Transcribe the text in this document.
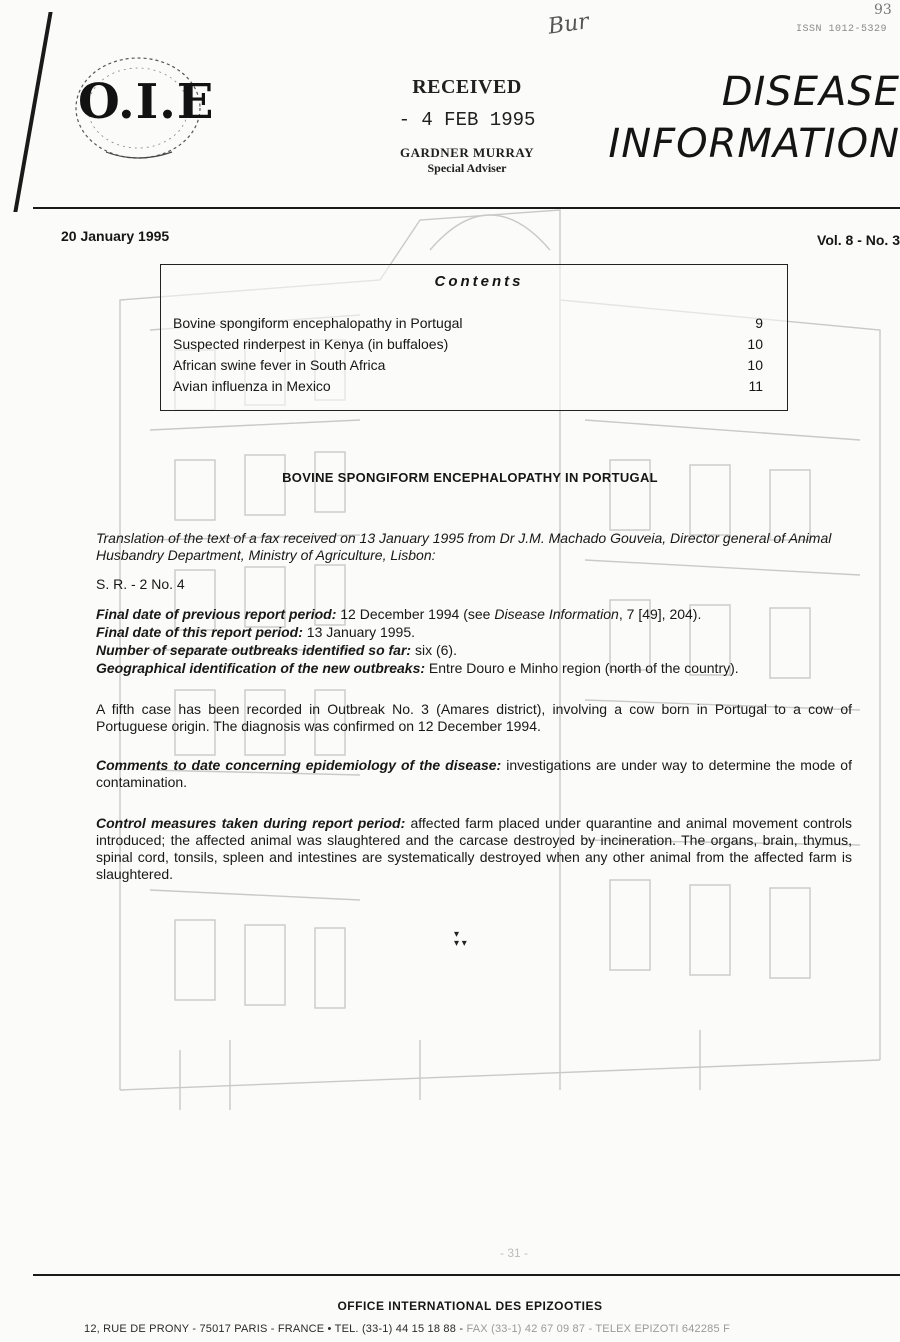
O.I.E	RECEIVED
- 4 FEB 1995
GARDNER MURRAY
Special Adviser
Bur	93
ISSN 1012-5329
DISEASE
INFORMATION
20 January 1995	Vol. 8 - No. 3
Contents
Bovine spongiform encephalopathy in Portugal	9
Suspected rinderpest in Kenya (in buffaloes)	10
African swine fever in South Africa	10
Avian influenza in Mexico	11
BOVINE SPONGIFORM ENCEPHALOPATHY IN PORTUGAL
Translation of the text of a fax received on 13 January 1995 from Dr J.M. Machado Gouveia, Director general of Animal Husbandry Department, Ministry of Agriculture, Lisbon:
S. R. - 2 No. 4
Final date of previous report period: 12 December 1994 (see Disease Information, 7 [49], 204).
Final date of this report period: 13 January 1995.
Number of separate outbreaks identified so far: six (6).
Geographical identification of the new outbreaks: Entre Douro e Minho region (north of the country).
A fifth case has been recorded in Outbreak No. 3 (Amares district), involving a cow born in Portugal to a cow of Portuguese origin. The diagnosis was confirmed on 12 December 1994.
Comments to date concerning epidemiology of the disease: investigations are under way to determine the mode of contamination.
Control measures taken during report period: affected farm placed under quarantine and animal movement controls introduced; the affected animal was slaughtered and the carcase destroyed by incineration. The organs, brain, thymus, spinal cord, tonsils, spleen and intestines are systematically destroyed when any other animal from the affected farm is slaughtered.
▾
▾ ▾
- 31 -
OFFICE INTERNATIONAL DES EPIZOOTIES
12, RUE DE PRONY - 75017 PARIS - FRANCE • TEL. (33-1) 44 15 18 88 - FAX (33-1) 42 67 09 87 - TELEX EPIZOTI 642285 F
